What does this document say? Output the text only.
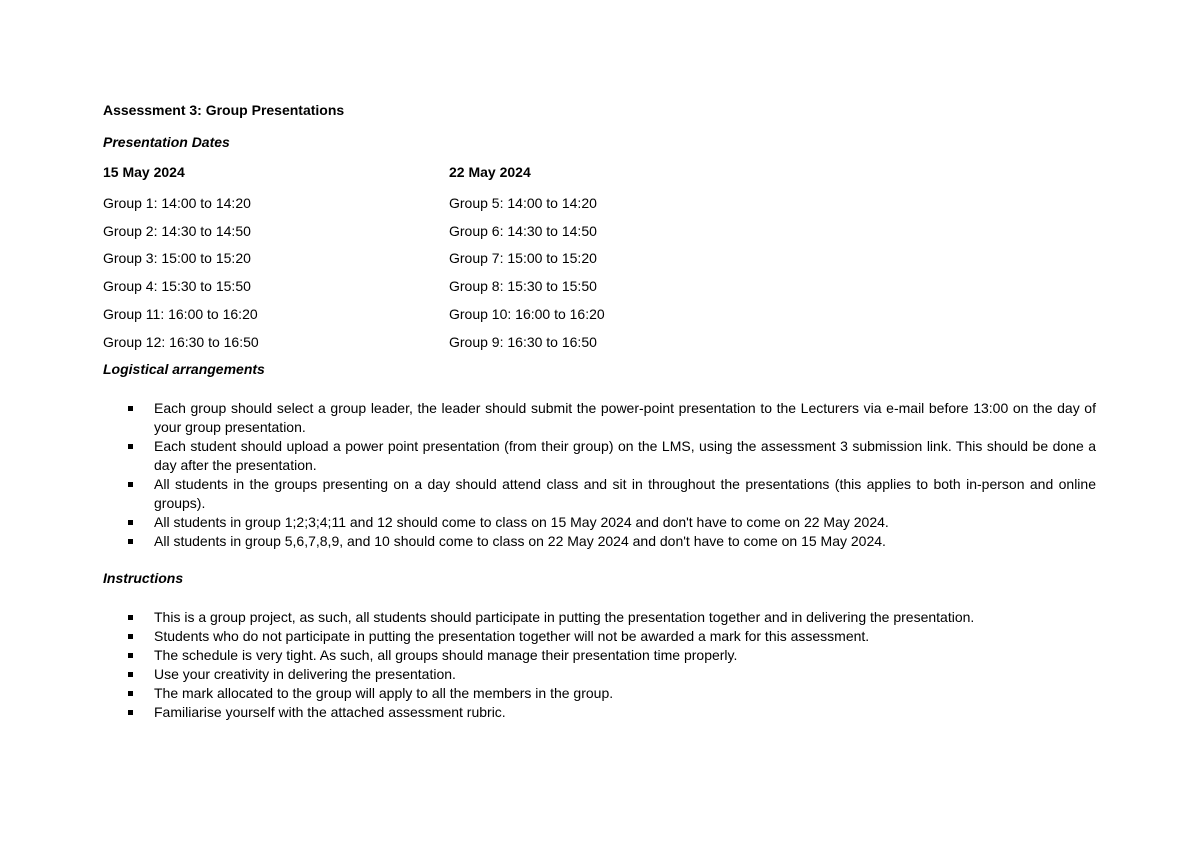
Assessment 3: Group Presentations
Presentation Dates
15 May 2024
Group 1: 14:00 to 14:20
Group 2: 14:30 to 14:50
Group 3: 15:00 to 15:20
Group 4: 15:30 to 15:50
Group 11: 16:00 to 16:20
Group 12: 16:30 to 16:50
22 May 2024
Group 5: 14:00 to 14:20
Group 6: 14:30 to 14:50
Group 7: 15:00 to 15:20
Group 8: 15:30 to 15:50
Group 10: 16:00 to 16:20
Group 9: 16:30 to 16:50
Logistical arrangements
Each group should select a group leader, the leader should submit the power-point presentation to the Lecturers via e-mail before 13:00 on the day of your group presentation.
Each student should upload a power point presentation (from their group) on the LMS, using the assessment 3 submission link. This should be done a day after the presentation.
All students in the groups presenting on a day should attend class and sit in throughout the presentations (this applies to both in-person and online groups).
All students in group 1;2;3;4;11 and 12 should come to class on 15 May 2024 and don't have to come on 22 May 2024.
All students in group 5,6,7,8,9, and 10 should come to class on 22 May 2024 and don't have to come on 15 May 2024.
Instructions
This is a group project, as such, all students should participate in putting the presentation together and in delivering the presentation.
Students who do not participate in putting the presentation together will not be awarded a mark for this assessment.
The schedule is very tight. As such, all groups should manage their presentation time properly.
Use your creativity in delivering the presentation.
The mark allocated to the group will apply to all the members in the group.
Familiarise yourself with the attached assessment rubric.
